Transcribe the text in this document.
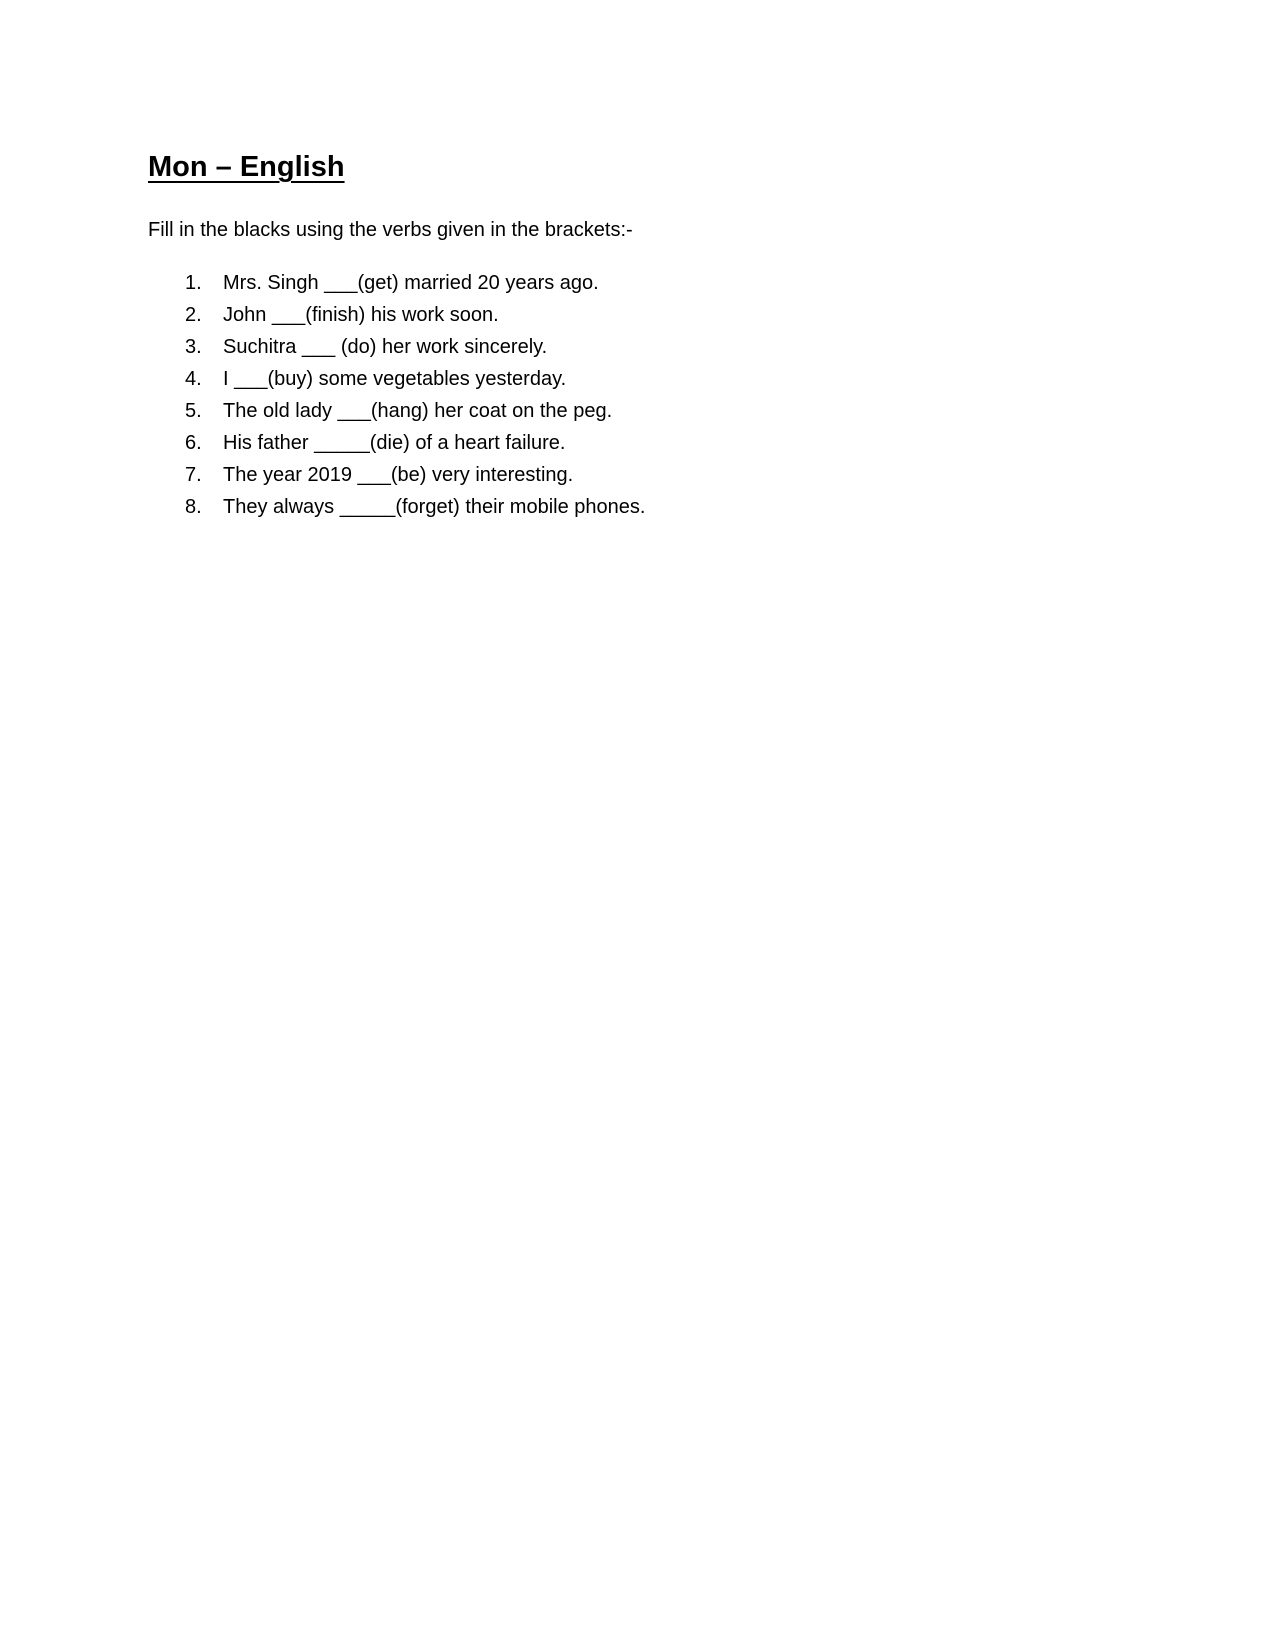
Mon – English

Fill in the blacks using the verbs given in the brackets:-

1.	Mrs. Singh ___(get) married 20 years ago.
2.	John ___(finish) his work soon.
3.	Suchitra ___ (do) her work sincerely.
4.	I ___(buy) some vegetables yesterday.
5.	The old lady ___(hang) her coat on the peg.
6.	His father _____(die) of a heart failure.
7.	The year 2019 ___(be) very interesting.
8.	They always _____(forget) their mobile phones.
